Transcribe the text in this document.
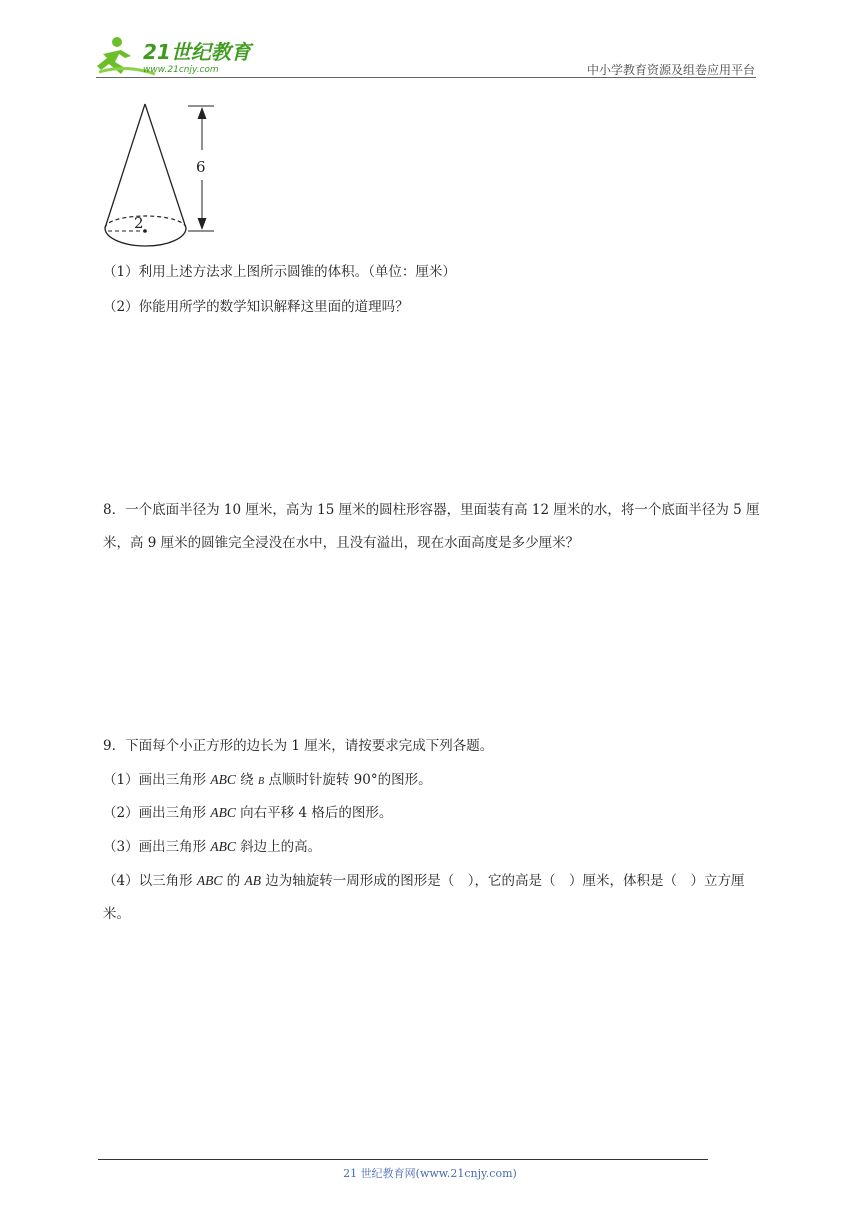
21世纪教育
www.21cnjy.com	中小学教育资源及组卷应用平台
2
6
（1）利用上述方法求上图所示圆锥的体积。（单位：厘米）
（2）你能用所学的数学知识解释这里面的道理吗？
8．一个底面半径为 10 厘米，高为 15 厘米的圆柱形容器，里面装有高 12 厘米的水，将一个底面半径为 5 厘米，高 9 厘米的圆锥完全浸没在水中，且没有溢出，现在水面高度是多少厘米？
9．下面每个小正方形的边长为 1 厘米，请按要求完成下列各题。
（1）画出三角形 ABC 绕 B 点顺时针旋转 90°的图形。
（2）画出三角形 ABC 向右平移 4 格后的图形。
（3）画出三角形 ABC 斜边上的高。
（4）以三角形 ABC 的 AB 边为轴旋转一周形成的图形是（　），它的高是（　）厘米，体积是（　）立方厘米。
21 世纪教育网(www.21cnjy.com)
